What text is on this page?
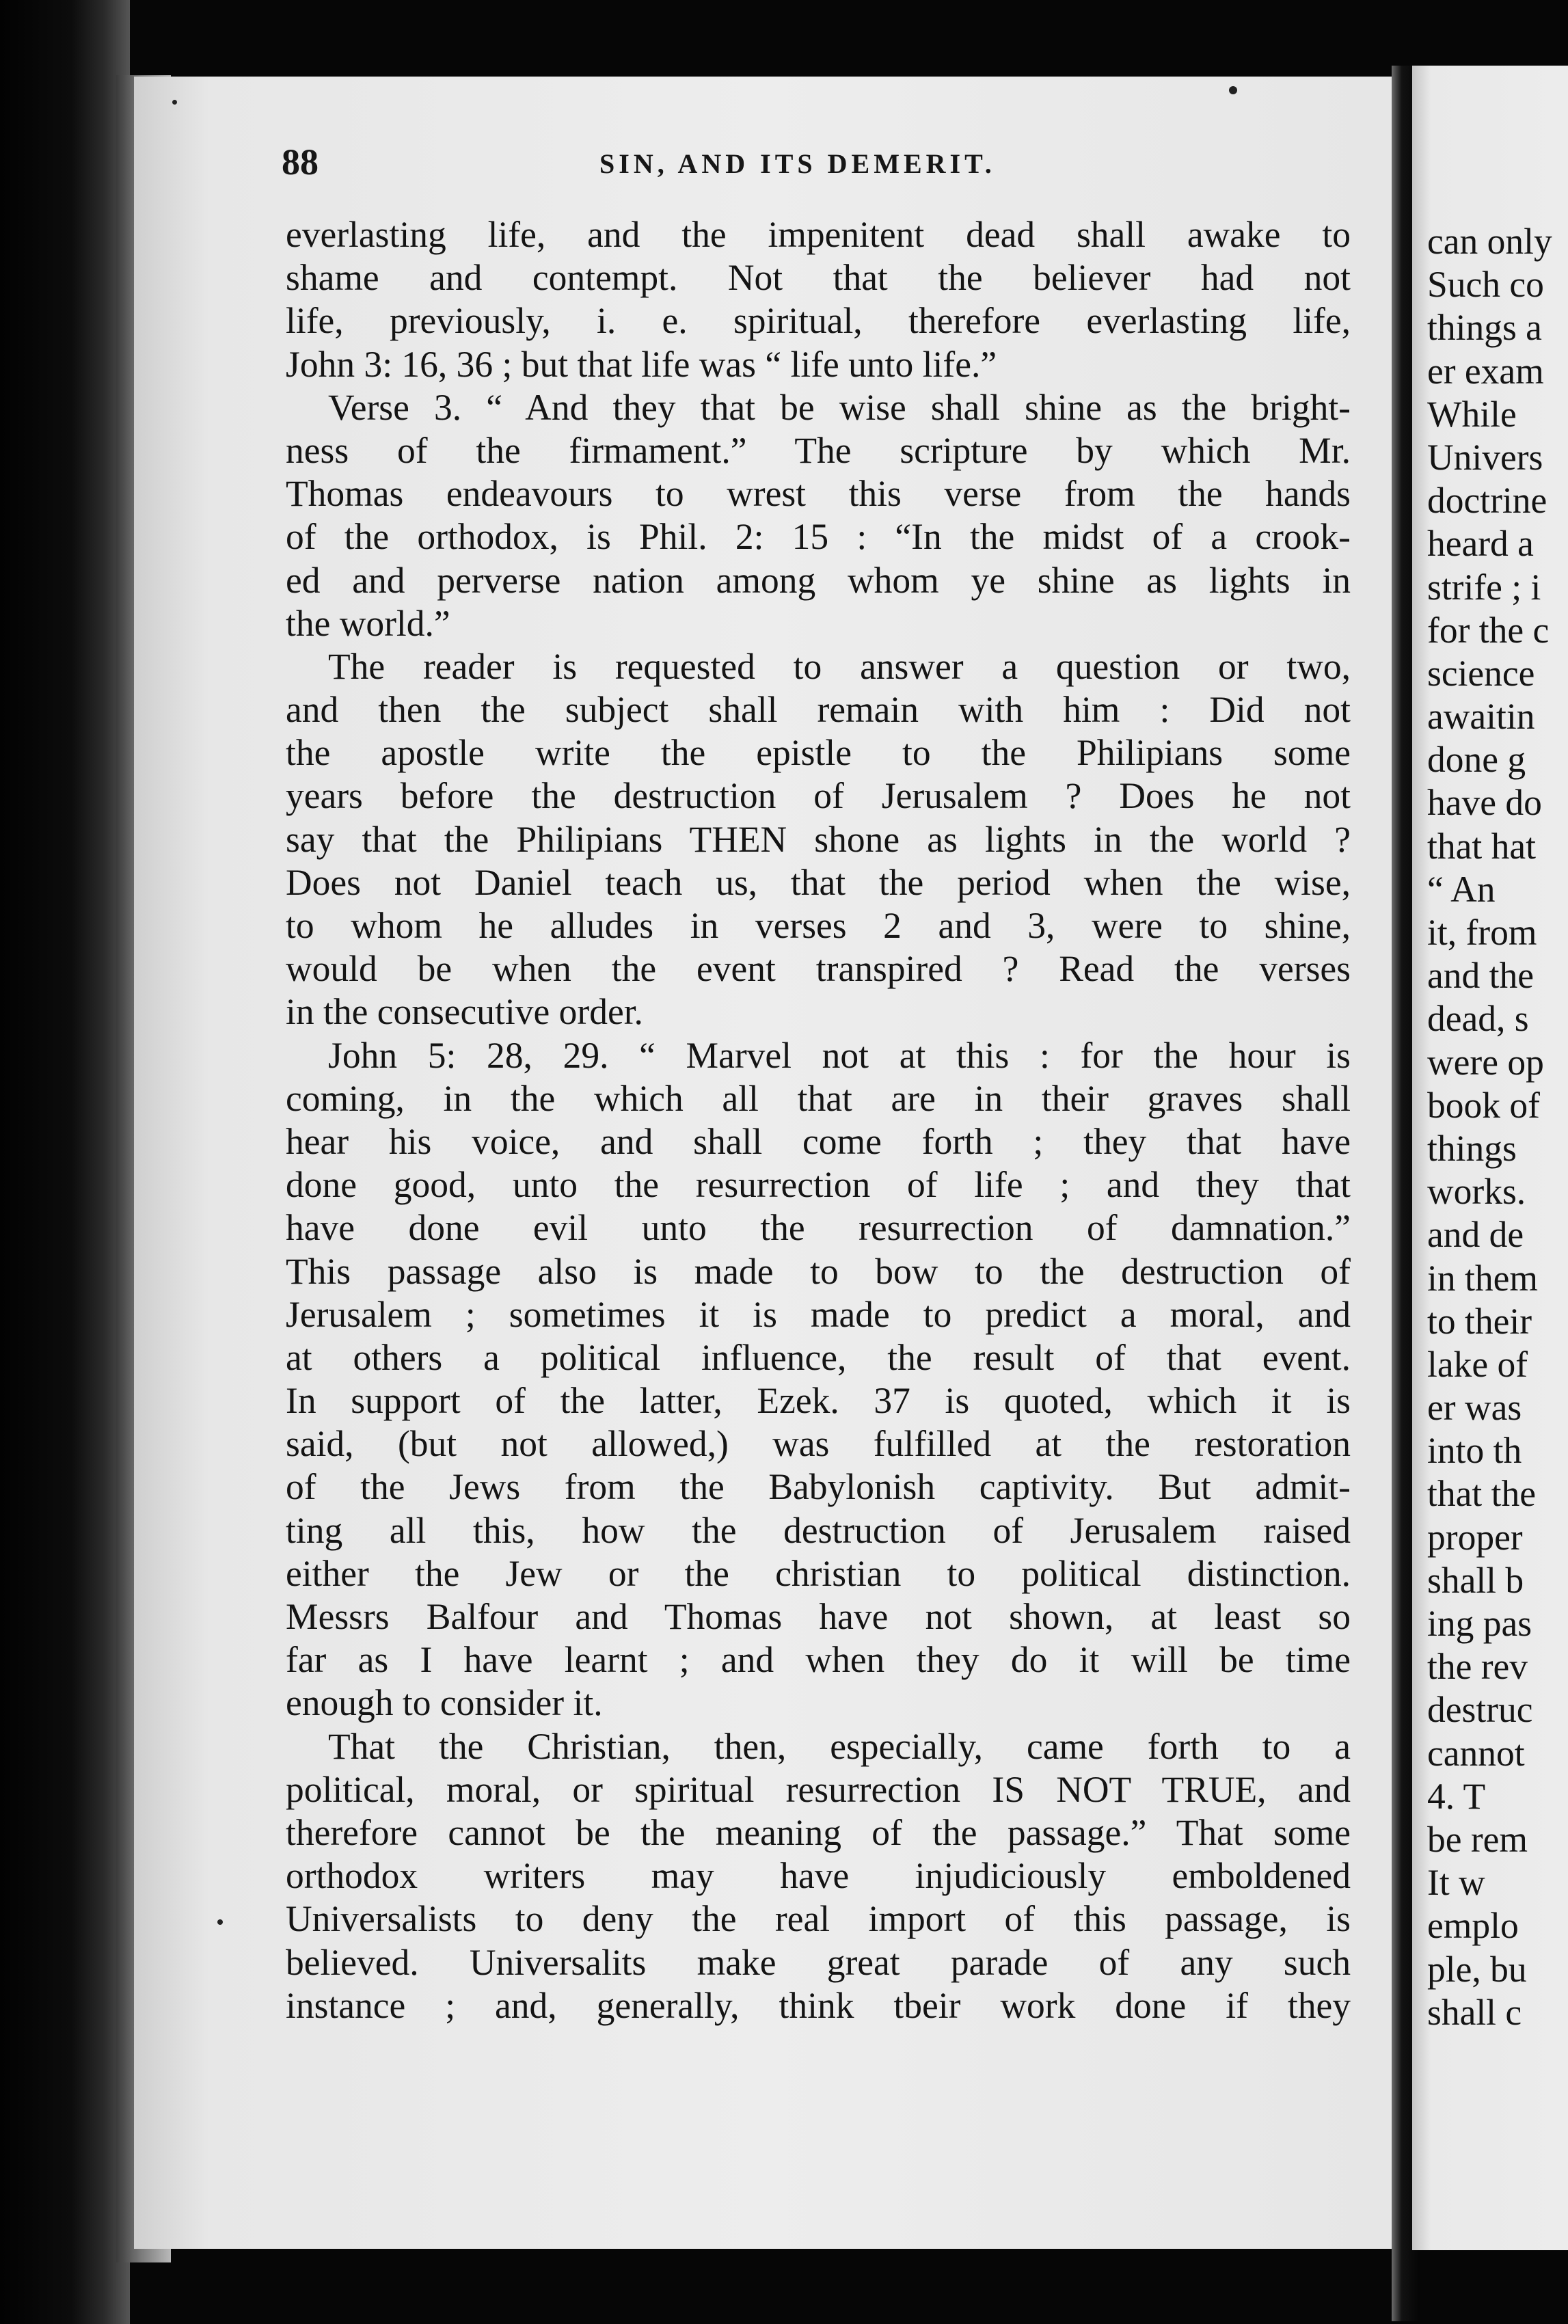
88	SIN, AND ITS DEMERIT.
everlasting life, and the impenitent dead shall awake to
shame and contempt. Not that the believer had not
life, previously, i. e. spiritual, therefore everlasting life,
John 3: 16, 36 ; but that life was “ life unto life.”
Verse 3. “ And they that be wise shall shine as the bright-
ness of the firmament.” The scripture by which Mr.
Thomas endeavours to wrest this verse from the hands
of the orthodox, is Phil. 2: 15 : “In the midst of a crook-
ed and perverse nation among whom ye shine as lights in
the world.”
The reader is requested to answer a question or two,
and then the subject shall remain with him : Did not
the apostle write the epistle to the Philipians some
years before the destruction of Jerusalem ? Does he not
say that the Philipians THEN shone as lights in the world ?
Does not Daniel teach us, that the period when the wise,
to whom he alludes in verses 2 and 3, were to shine,
would be when the event transpired ? Read the verses
in the consecutive order.
John 5: 28, 29. “ Marvel not at this : for the hour is
coming, in the which all that are in their graves shall
hear his voice, and shall come forth ; they that have
done good, unto the resurrection of life ; and they that
have done evil unto the resurrection of damnation.”
This passage also is made to bow to the destruction of
Jerusalem ; sometimes it is made to predict a moral, and
at others a political influence, the result of that event.
In support of the latter, Ezek. 37 is quoted, which it is
said, (but not allowed,) was fulfilled at the restoration
of the Jews from the Babylonish captivity. But admit-
ting all this, how the destruction of Jerusalem raised
either the Jew or the christian to political distinction.
Messrs Balfour and Thomas have not shown, at least so
far as I have learnt ; and when they do it will be time
enough to consider it.
That the Christian, then, especially, came forth to a
political, moral, or spiritual resurrection IS NOT TRUE, and
therefore cannot be the meaning of the passage.” That some
orthodox writers may have injudiciously emboldened
Universalists to deny the real import of this passage, is
believed. Universalits make great parade of any such
instance ; and, generally, think tbeir work done if they
can only
Such co
things a
er exam
While
Univers
doctrine
heard a
strife ; i
for the c
science
awaitin
done g
have do
that hat
“ An
it, from
and the
dead, s
were op
book of
things
works.
and de
in them
to their
lake of
er was
into th
that the
proper
shall b
ing pas
the rev
destruc
cannot
4. T
be rem
It w
emplo
ple, bu
shall c
